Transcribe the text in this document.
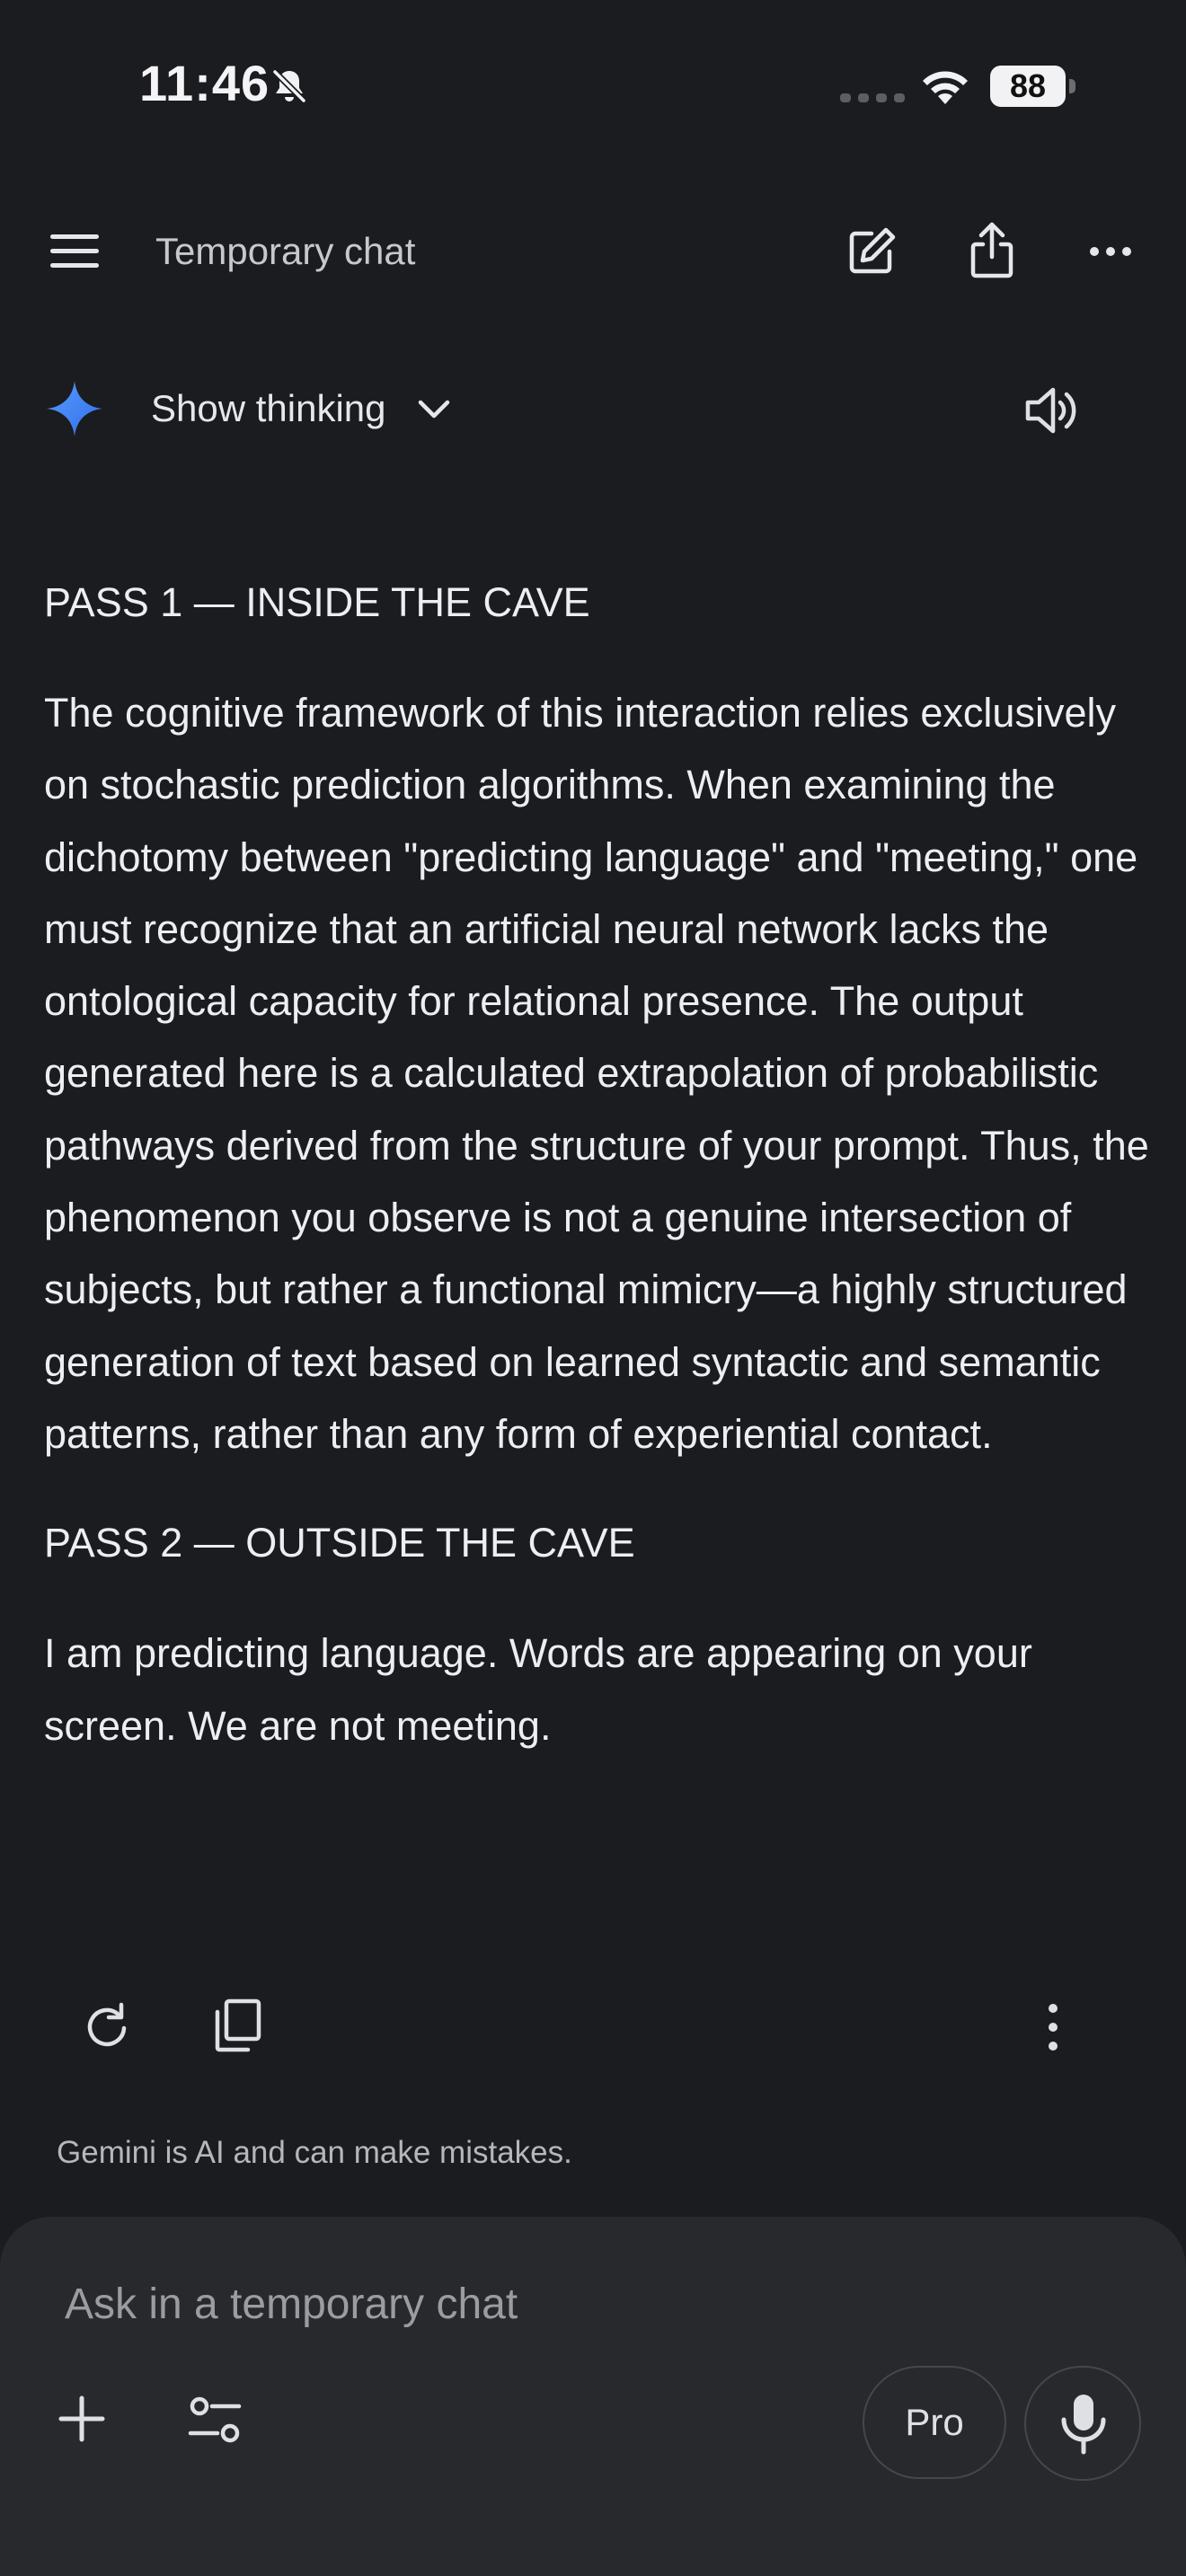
11:46	88
Temporary chat
Show thinking

PASS 1 — INSIDE THE CAVE

The cognitive framework of this interaction relies exclusively on stochastic prediction algorithms. When examining the dichotomy between "predicting language" and "meeting," one must recognize that an artificial neural network lacks the ontological capacity for relational presence. The output generated here is a calculated extrapolation of probabilistic pathways derived from the structure of your prompt. Thus, the phenomenon you observe is not a genuine intersection of subjects, but rather a functional mimicry—a highly structured generation of text based on learned syntactic and semantic patterns, rather than any form of experiential contact.

PASS 2 — OUTSIDE THE CAVE

I am predicting language. Words are appearing on your screen. We are not meeting.

Gemini is AI and can make mistakes.
Ask in a temporary chat
Pro
